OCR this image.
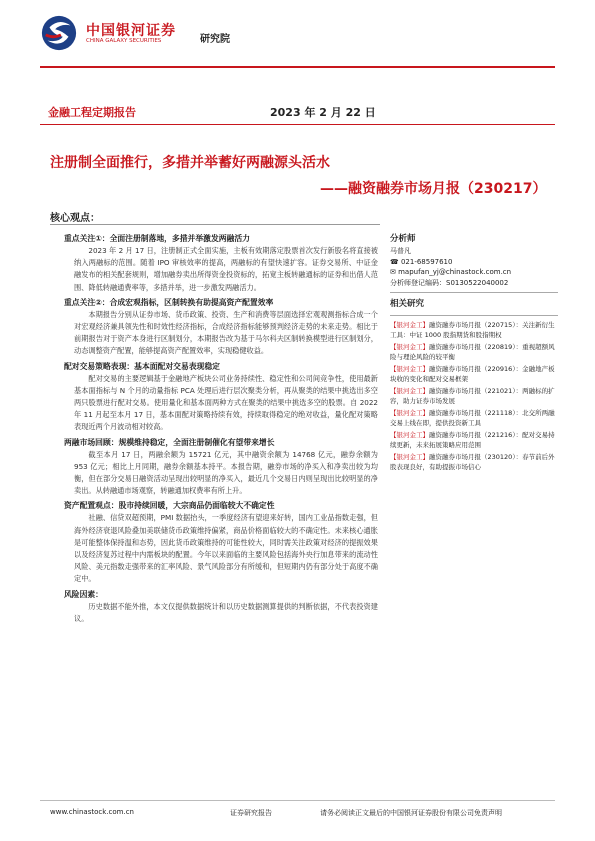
中国银河证券
CHINA GALAXY SECURITIES	研究院
金融工程定期报告	2023 年 2 月 22 日
注册制全面推行，多措并举蓄好两融源头活水
——融资融券市场月报（230217）
核心观点：
重点关注①：全面注册制落地，多措并举激发两融活力
2023 年 2 月 17 日，注册制正式全面实施，主板有效期落定股票首次发行新股名将直接被纳入两融标的范围。随着 IPO 审核效率的提高，两融标的有望快速扩容。证券交易所、中证金融发布的相关配套规则，增加融券卖出所得资金投资标的，拓宽主板转融通标的证券和出借人范围、降低转融通费率等，多措并举，进一步激发两融活力。
重点关注②：合成宏观指标，区制转换有助提高资产配置效率
本期报告分别从证券市场、货币政策、投资、生产和消费等层面选择宏观观测指标合成一个对宏观经济兼具领先性和时效性经济指标，合成经济指标能够预判经济走势的未来走势。相比于前期报告对于资产本身进行区制划分，本期报告改为基于马尔科夫区制转换模型进行区制划分，动态调整资产配置，能够提高资产配置效率，实现稳健收益。
配对交易策略表现：基本面配对交易表现稳定
配对交易的主要逻辑基于金融地产板块公司业务持续性、稳定性和公司间竞争性，使用最新基本面指标与 N 个月的动量指标 PCA 处理后进行层次聚类分析，再从聚类的结果中挑选出多空两只股票进行配对交易。使用量化和基本面两种方式在聚类的结果中挑选多空的股票。自 2022 年 11 月起至本月 17 日，基本面配对策略持续有效，持续取得稳定的绝对收益，量化配对策略表现近两个月波动相对较高。
两融市场回顾：规模维持稳定，全面注册制催化有望带来增长
截至本月 17 日，两融余额为 15721 亿元，其中融资余额为 14768 亿元，融券余额为 953 亿元；相比上月同期，融券余额基本持平。本报告期，融券市场的净买入和净卖出较为均衡，但在部分交易日融资活动呈现出较明显的净买入，最近几个交易日内则呈现出比较明显的净卖出。从转融通市场观察，转融通加权费率有所上升。
资产配置观点：股市持续回暖，大宗商品仍面临较大不确定性
社融、信贷双超预期，PMI 数据抬头，一季度经济有望迎来好转，国内工业品指数走强，但海外经济衰退风险叠加美联储货币政策维持偏紧，商品价格面临较大的不确定性。未来核心通胀是可能整体保持温和态势，因此货币政策维持的可能性较大，同时需关注政策对经济的提振效果以及经济复苏过程中内需板块的配置。今年以来面临的主要风险包括海外央行加息带来的流动性风险、美元指数走强带来的汇率风险、景气风险部分有所缓和，但短期内仍有部分处于高度不确定中。
风险因素：
历史数据不能外推，本文仅提供数据统计和以历史数据测算提供的判断依据，不代表投资建议。
分析师
马普凡
☎ 021-68597610
✉ mapufan_yj@chinastock.com.cn
分析师登记编码：S0130522040002
相关研究
【银河金工】融资融券市场月报（220715）：关注新衍生工具：中证 1000 股指期货和股指期权
【银河金工】融资融券市场月报（220819）：重视超额风险与理论风险的较平衡
【银河金工】融资融券市场月报（220916）：金融地产板块收的变化和配对交易框架
【银河金工】融资融券市场月报（221021）：两融标的扩容，助力证券市场发展
【银河金工】融资融券市场月报（221118）：北交所两融交易上线在即，提供投资新工具
【银河金工】融资融券市场月报（221216）：配对交易持续更新，未来拓展策略应用范围
【银河金工】融资融券市场月报（230120）：春节前后外股表现良好，有助提振市场信心
www.chinastock.com.cn	证券研究报告	请务必阅读正文最后的中国银河证券股份有限公司免责声明
